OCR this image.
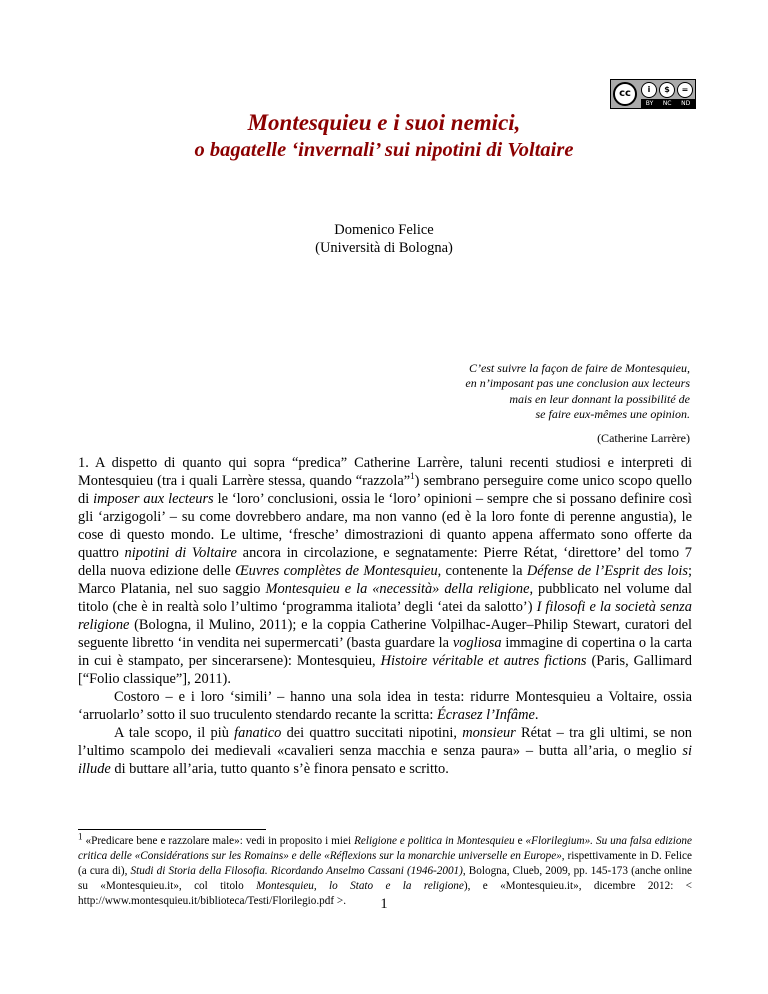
cc	i	$	=
BY NC ND
Montesquieu e i suoi nemici,
o bagatelle ‘invernali’ sui nipotini di Voltaire
Domenico Felice
(Università di Bologna)
C’est suivre la façon de faire de Montesquieu,
en n’imposant pas une conclusion aux lecteurs
mais en leur donnant la possibilité de
se faire eux-mêmes une opinion.
(Catherine Larrère)

1. A dispetto di quanto qui sopra “predica” Catherine Larrère, taluni recenti studiosi e interpreti di Montesquieu (tra i quali Larrère stessa, quando “razzola”$^1$) sembrano perseguire come unico scopo quello di imposer aux lecteurs le ‘loro’ conclusioni, ossia le ‘loro’ opinioni – sempre che si possano definire così gli ‘arzigogoli’ – su come dovrebbero andare, ma non vanno (ed è la loro fonte di perenne angustia), le cose di questo mondo. Le ultime, ‘fresche’ dimostrazioni di quanto appena affermato sono offerte da quattro nipotini di Voltaire ancora in circolazione, e segnatamente: Pierre Rétat, ‘direttore’ del tomo 7 della nuova edizione delle Œuvres complètes de Montesquieu, contenente la Défense de l’Esprit des lois; Marco Platania, nel suo saggio Montesquieu e la «necessità» della religione, pubblicato nel volume dal titolo (che è in realtà solo l’ultimo ‘programma italiota’ degli ‘atei da salotto’) I filosofi e la società senza religione (Bologna, il Mulino, 2011); e la coppia Catherine Volpilhac-Auger–Philip Stewart, curatori del seguente libretto ‘in vendita nei supermercati’ (basta guardare la vogliosa immagine di copertina o la carta in cui è stampato, per sincerarsene): Montesquieu, Histoire véritable et autres fictions (Paris, Gallimard [“Folio classique”], 2011).

Costoro – e i loro ‘simili’ – hanno una sola idea in testa: ridurre Montesquieu a Voltaire, ossia ‘arruolarlo’ sotto il suo truculento stendardo recante la scritta: Écrasez l’Infâme.

A tale scopo, il più fanatico dei quattro succitati nipotini, monsieur Rétat – tra gli ultimi, se non l’ultimo scampolo dei medievali «cavalieri senza macchia e senza paura» – butta all’aria, o meglio si illude di buttare all’aria, tutto quanto s’è finora pensato e scritto.

$^1$ «Predicare bene e razzolare male»: vedi in proposito i miei Religione e politica in Montesquieu e «Florilegium». Su una falsa edizione critica delle «Considérations sur les Romains» e delle «Réflexions sur la monarchie universelle en Europe», rispettivamente in D. Felice (a cura di), Studi di Storia della Filosofia. Ricordando Anselmo Cassani (1946-2001), Bologna, Clueb, 2009, pp. 145-173 (anche online su «Montesquieu.it», col titolo Montesquieu, lo Stato e la religione), e «Montesquieu.it», dicembre 2012: < http://www.montesquieu.it/biblioteca/Testi/Florilegio.pdf >.	1
